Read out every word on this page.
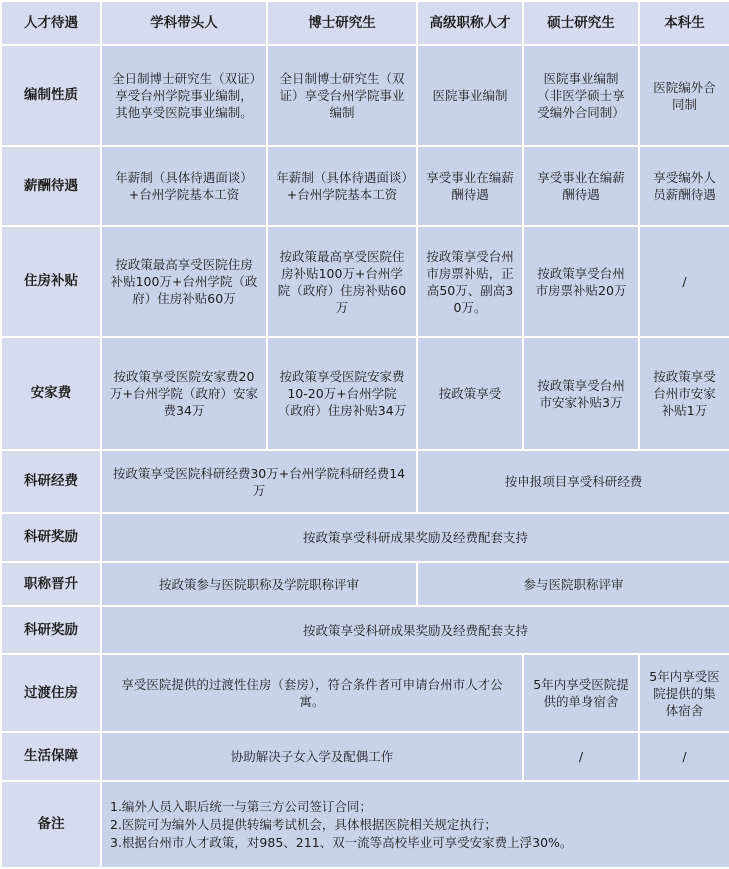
人才待遇	学科带头人	博士研究生	高级职称人才	硕士研究生	本科生
编制性质	全日制博士研究生（双证）享受台州学院事业编制，其他享受医院事业编制。	全日制博士研究生（双证）享受台州学院事业编制	医院事业编制	医院事业编制（非医学硕士享受编外合同制）	医院编外合同制
薪酬待遇	年薪制（具体待遇面谈）+台州学院基本工资	年薪制（具体待遇面谈）+台州学院基本工资	享受事业在编薪酬待遇	享受事业在编薪酬待遇	享受编外人员薪酬待遇
住房补贴	按政策最高享受医院住房补贴100万+台州学院（政府）住房补贴60万	按政策最高享受医院住房补贴100万+台州学院（政府）住房补贴60万	按政策享受台州市房票补贴，正高50万、副高30万。	按政策享受台州市房票补贴20万	/
安家费	按政策享受医院安家费20万+台州学院（政府）安家费34万	按政策享受医院安家费10-20万+台州学院（政府）住房补贴34万	按政策享受	按政策享受台州市安家补贴3万	按政策享受台州市安家补贴1万
科研经费	按政策享受医院科研经费30万+台州学院科研经费14万		按申报项目享受科研经费		
科研奖励	按政策享受科研成果奖励及经费配套支持				
职称晋升	按政策参与医院职称及学院职称评审		参与医院职称评审		
科研奖励	按政策享受科研成果奖励及经费配套支持				
过渡住房	享受医院提供的过渡性住房（套房），符合条件者可申请台州市人才公寓。			5年内享受医院提供的单身宿舍	5年内享受医院提供的集体宿舍
生活保障	协助解决子女入学及配偶工作			/	/
备注	1.编外人员入职后统一与第三方公司签订合同；
2.医院可为编外人员提供转编考试机会，具体根据医院相关规定执行；
3.根据台州市人才政策，对985、211、双一流等高校毕业可享受安家费上浮30%。				
